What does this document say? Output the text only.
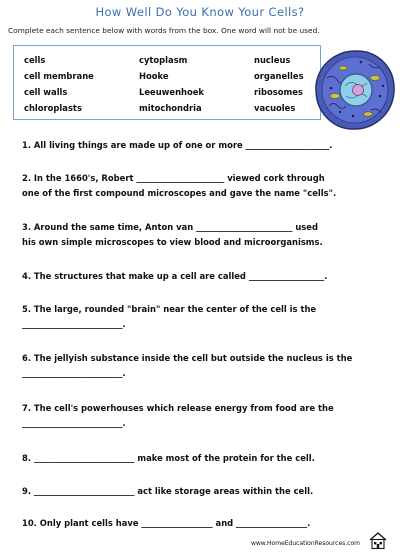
How Well Do You Know Your Cells?
Complete each sentence below with words from the box. One word will not be used.
cells	cytoplasm	nucleus
cell membrane	Hooke	organelles
cell walls	Leeuwenhoek	ribosomes
chloroplasts	mitochondria	vacuoles

1. All living things are made up of one or more ____________________.

2. In the 1660's, Robert _____________________ viewed cork through

one of the first compound microscopes and gave the name "cells".

3. Around the same time, Anton van _______________________ used

his own simple microscopes to view blood and microorganisms.

4. The structures that make up a cell are called __________________.

5. The large, rounded "brain" near the center of the cell is the

________________________.

6. The jellyish substance inside the cell but outside the nucleus is the

________________________.

7. The cell's powerhouses which release energy from food are the

________________________.

8. ________________________ make most of the protein for the cell.

9. ________________________ act like storage areas within the cell.

10. Only plant cells have _________________ and _________________.

www.HomeEducationResources.com
